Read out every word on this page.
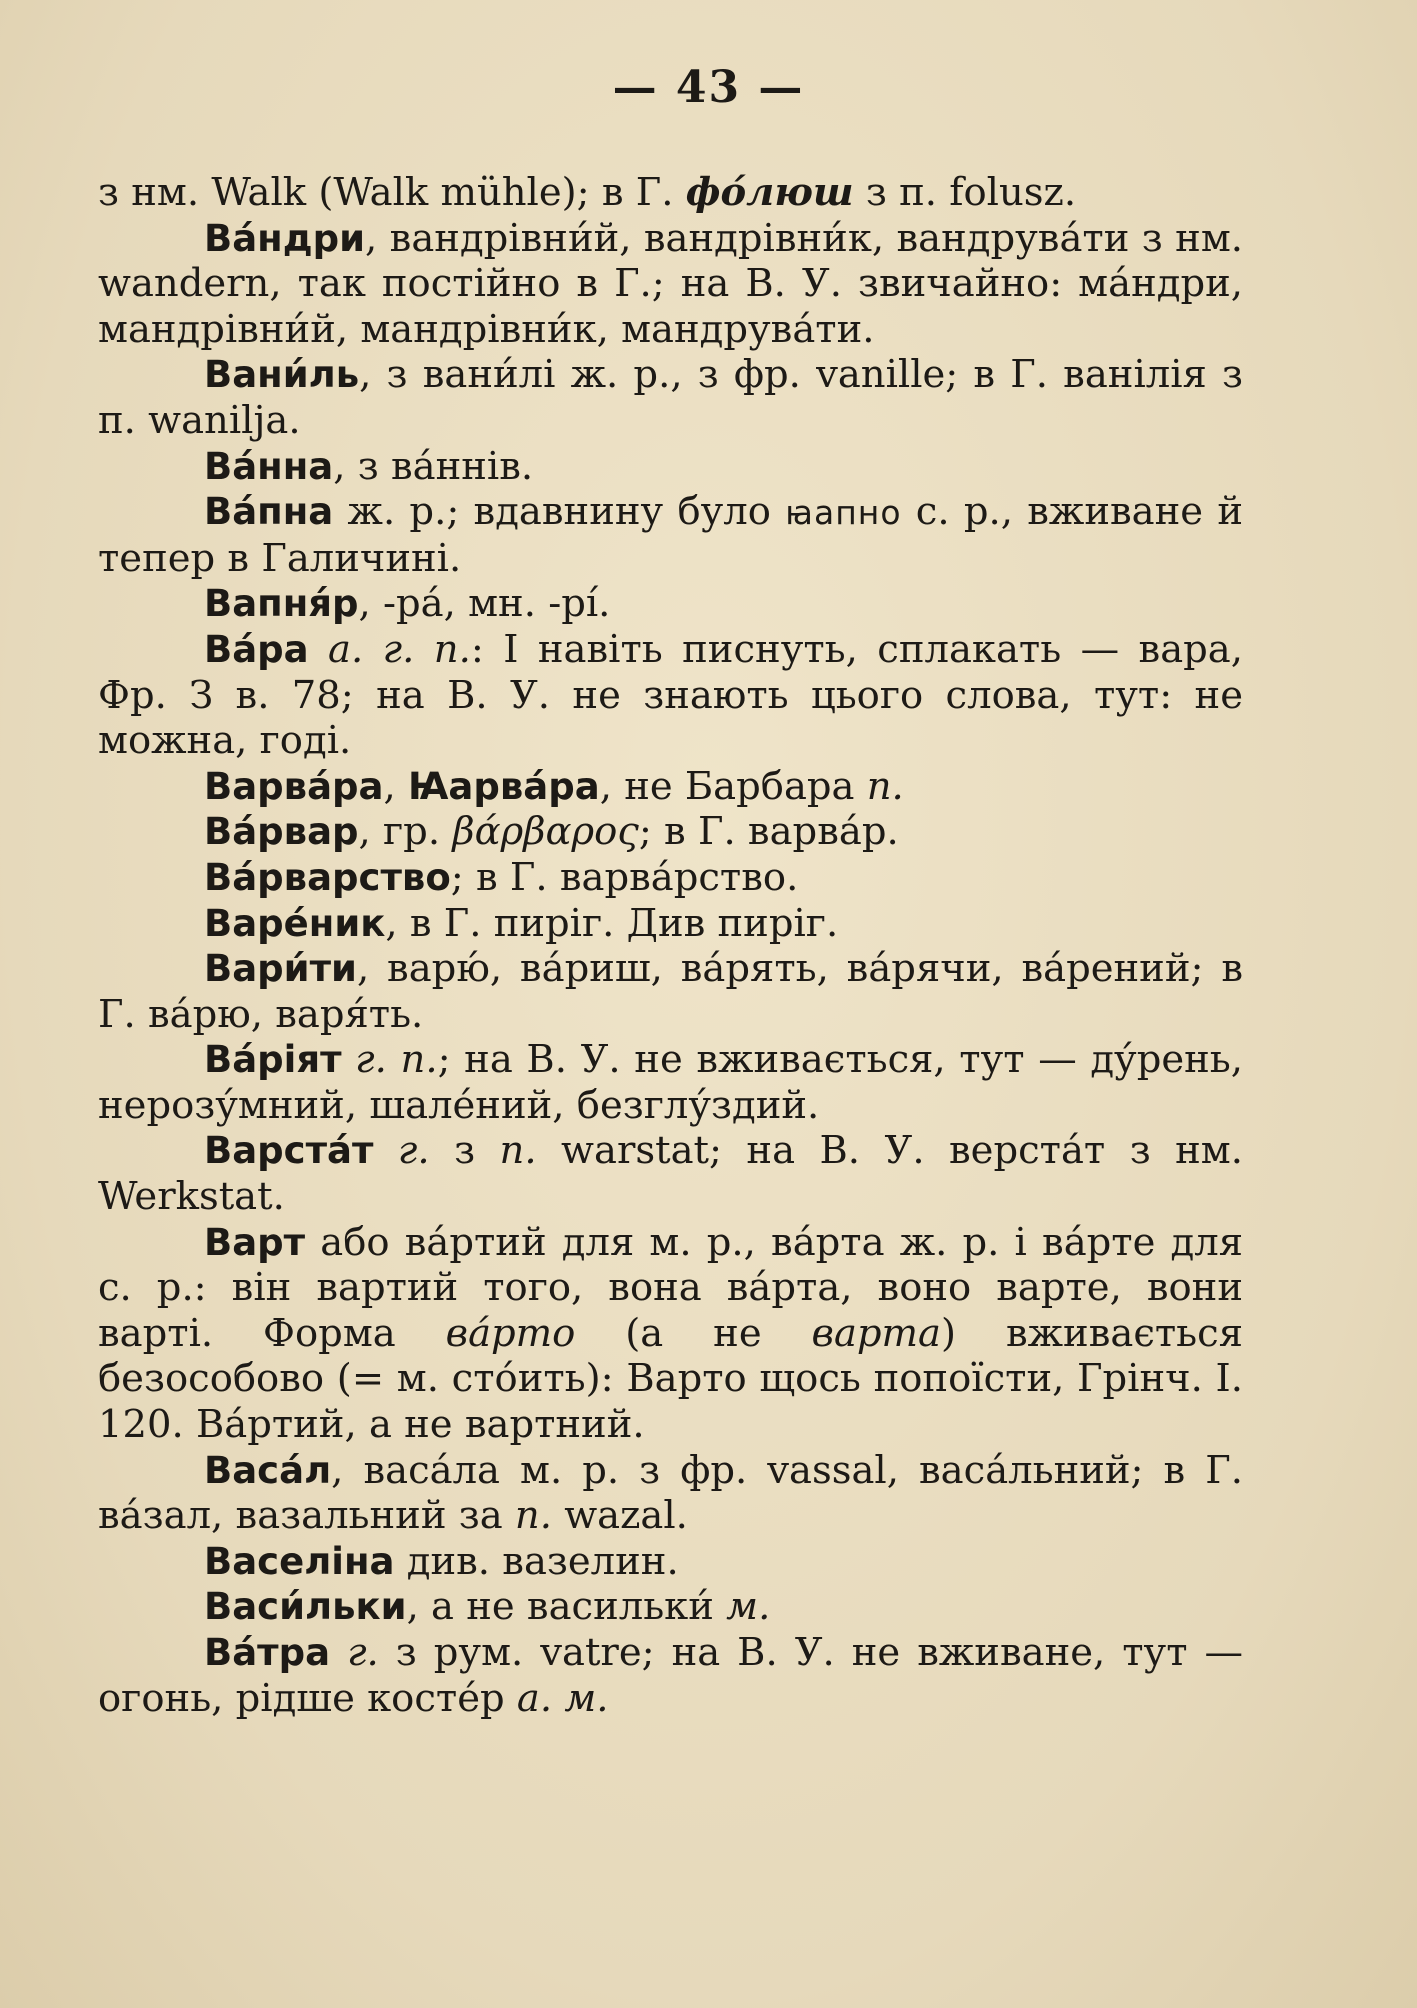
— 43 —

з нм. Walk (Walk mühle); в Г. фо́люш з п. folusz.

Ва́ндри, вандрівни́й, вандрівни́к, вандрува́ти з нм. wandern, так постійно в Г.; на В. У. звичайно: ма́ндри, мандрівни́й, мандрівни́к, мандрува́ти.

Вани́ль, з вани́лі ж. р., з фр. vanille; в Г. ванілія з п. wanilja.

Ва́нна, з ва́ннів.

Ва́пна ж. р.; вдавнину було ꙗапно с. р., вживане й тепер в Галичині.

Вапня́р, -ра́, мн. -рі́.

Ва́ра а. г. п.: І навіть писнуть, сплакать — вара, Фр. З в. 78; на В. У. не знають цього слова, тут: не можна, годі.

Варва́ра, Ꙗарва́ра, не Барбара п.

Ва́рвар, гр. βάρβαρος; в Г. варва́р.

Ва́рварство; в Г. варва́рство.

Варе́ник, в Г. пиріг. Див пиріг.

Вари́ти, варю́, ва́риш, ва́рять, ва́рячи, ва́рений; в Г. ва́рю, варя́ть.

Ва́ріят г. п.; на В. У. не вживається, тут — ду́рень, нерозу́мний, шале́ний, безглу́здий.

Варста́т г. з п. warstat; на В. У. верста́т з нм. Werkstat.

Варт або ва́ртий для м. р., ва́рта ж. р. і ва́рте для с. р.: він вартий того, вона ва́рта, воно варте, вони варті. Форма ва́рто (а не варта) вживається безособово (= м. сто́ить): Варто щось попоїсти, Грінч. І. 120. Ва́ртий, а не вартний.

Васа́л, васа́ла м. р. з фр. vassal, васа́льний; в Г. ва́зал, вазальний за п. wazal.

Васеліна див. вазелин.

Васи́льки, а не васильки́ м.

Ва́тра г. з рум. vatre; на В. У. не вживане, тут — огонь, рідше косте́р а. м.
